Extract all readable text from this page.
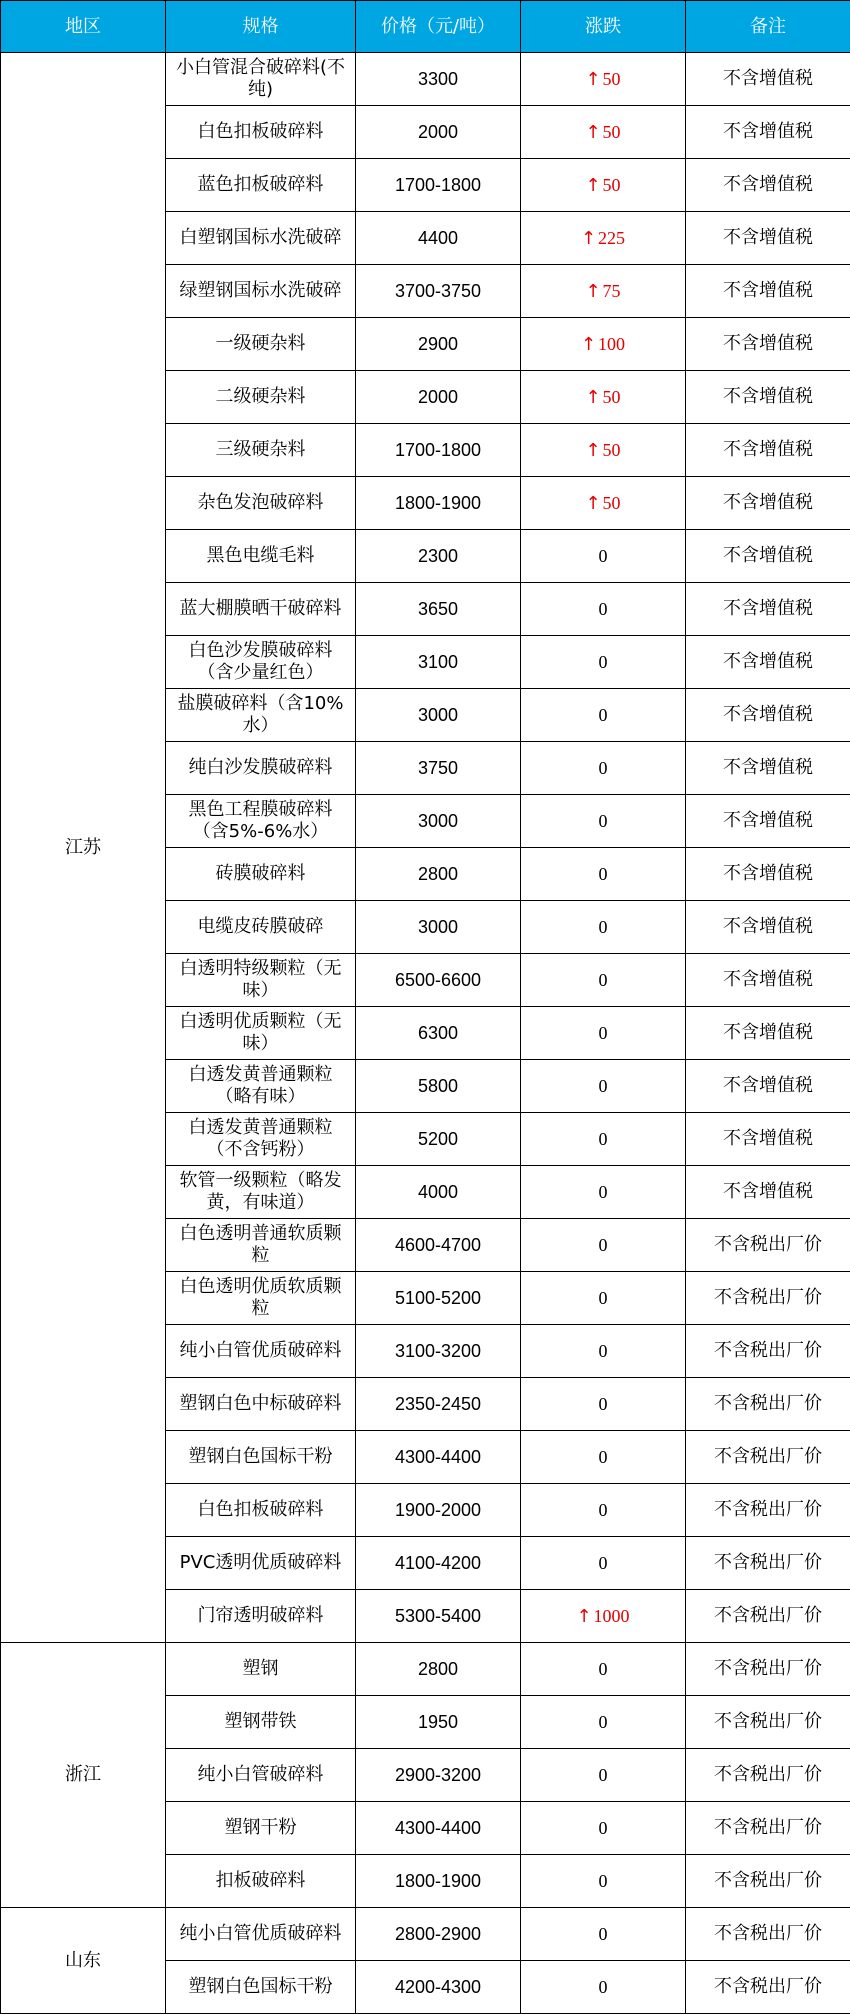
地区	规格	价格（元/吨）	涨跌	备注
江苏	小白管混合破碎料(不纯)	3300	↑ 50	不含增值税
	白色扣板破碎料	2000	↑ 50	不含增值税
	蓝色扣板破碎料	1700-1800	↑ 50	不含增值税
	白塑钢国标水洗破碎	4400	↑ 225	不含增值税
	绿塑钢国标水洗破碎	3700-3750	↑ 75	不含增值税
	一级硬杂料	2900	↑ 100	不含增值税
	二级硬杂料	2000	↑ 50	不含增值税
	三级硬杂料	1700-1800	↑ 50	不含增值税
	杂色发泡破碎料	1800-1900	↑ 50	不含增值税
	黑色电缆毛料	2300	0	不含增值税
	蓝大棚膜晒干破碎料	3650	0	不含增值税
	白色沙发膜破碎料（含少量红色）	3100	0	不含增值税
	盐膜破碎料（含10%水）	3000	0	不含增值税
	纯白沙发膜破碎料	3750	0	不含增值税
	黑色工程膜破碎料（含5%-6%水）	3000	0	不含增值税
	砖膜破碎料	2800	0	不含增值税
	电缆皮砖膜破碎	3000	0	不含增值税
	白透明特级颗粒（无味）	6500-6600	0	不含增值税
	白透明优质颗粒（无味）	6300	0	不含增值税
	白透发黄普通颗粒（略有味）	5800	0	不含增值税
	白透发黄普通颗粒（不含钙粉）	5200	0	不含增值税
	软管一级颗粒（略发黄，有味道）	4000	0	不含增值税
	白色透明普通软质颗粒	4600-4700	0	不含税出厂价
	白色透明优质软质颗粒	5100-5200	0	不含税出厂价
	纯小白管优质破碎料	3100-3200	0	不含税出厂价
	塑钢白色中标破碎料	2350-2450	0	不含税出厂价
	塑钢白色国标干粉	4300-4400	0	不含税出厂价
	白色扣板破碎料	1900-2000	0	不含税出厂价
	PVC透明优质破碎料	4100-4200	0	不含税出厂价
	门帘透明破碎料	5300-5400	↑ 1000	不含税出厂价
浙江	塑钢	2800	0	不含税出厂价
	塑钢带铁	1950	0	不含税出厂价
	纯小白管破碎料	2900-3200	0	不含税出厂价
	塑钢干粉	4300-4400	0	不含税出厂价
	扣板破碎料	1800-1900	0	不含税出厂价
山东	纯小白管优质破碎料	2800-2900	0	不含税出厂价
	塑钢白色国标干粉	4200-4300	0	不含税出厂价
